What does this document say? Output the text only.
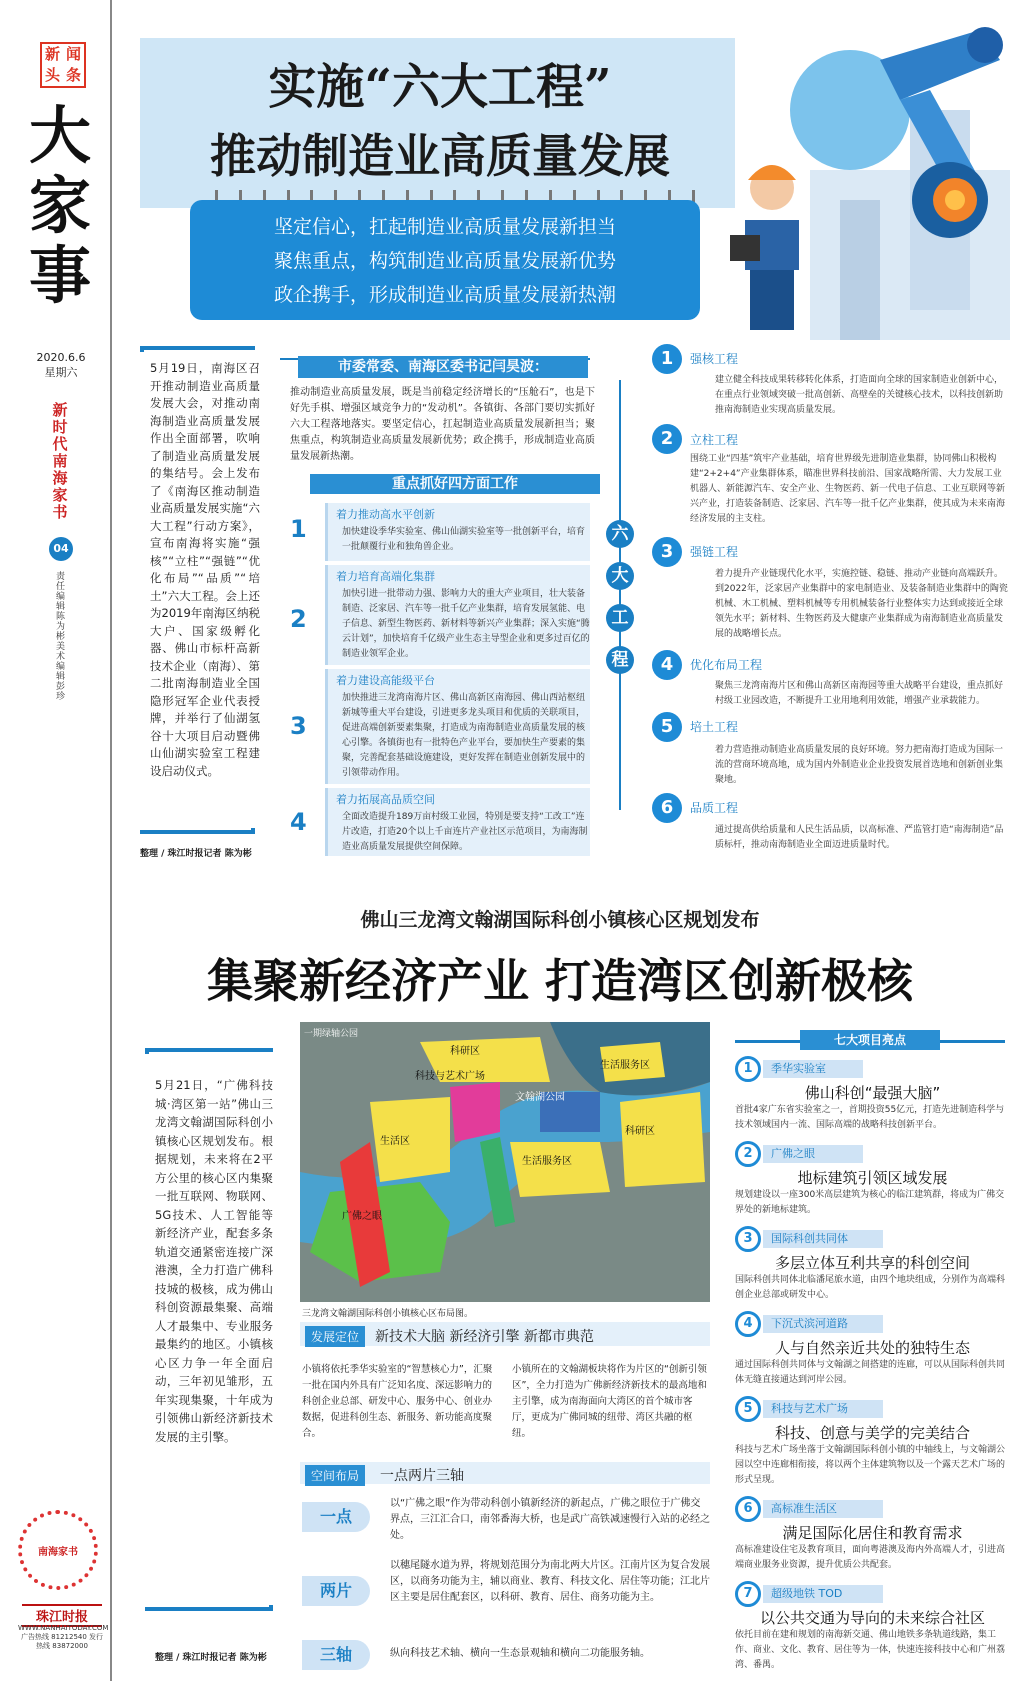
新 闻
头 条
大
家
事
2020.6.6
星期六
新时代南海家书
04
责任编辑 陈为彬 美术编辑 彭珍
南海家书
珠江时报
WWW.NANHAITODAY.COM
广告热线 81212540 发行热线 83872000
实施“六大工程”
推动制造业高质量发展
坚定信心，扛起制造业高质量发展新担当
聚焦重点，构筑制造业高质量发展新优势
政企携手，形成制造业高质量发展新热潮
5月19日，南海区召开推动制造业高质量发展大会，对推动南海制造业高质量发展作出全面部署，吹响了制造业高质量发展的集结号。会上发布了《南海区推动制造业高质量发展实施“六大工程”行动方案》，宣布南海将实施“强核”“立柱”“强链”“优化布局”“品质”“培土”六大工程。会上还为2019年南海区纳税大户、国家级孵化器、佛山市标杆高新技术企业（南海）、第二批南海制造业全国隐形冠军企业代表授牌，并举行了仙湖氢谷十大项目启动暨佛山仙湖实验室工程建设启动仪式。
整理 / 珠江时报记者 陈为彬
市委常委、南海区委书记闫昊波：
推动制造业高质量发展，既是当前稳定经济增长的“压舱石”，也是下好先手棋、增强区域竞争力的“发动机”。各镇街、各部门要切实抓好六大工程落地落实。要坚定信心，扛起制造业高质量发展新担当；聚焦重点，构筑制造业高质量发展新优势；政企携手，形成制造业高质量发展新热潮。
重点抓好四方面工作
1
着力推动高水平创新
加快建设季华实验室、佛山仙湖实验室等一批创新平台，培育一批颠覆行业和独角兽企业。
2
着力培育高端化集群
加快引进一批带动力强、影响力大的重大产业项目，壮大装备制造、泛家居、汽车等一批千亿产业集群，培育发展氢能、电子信息、新型生物医药、新材料等新兴产业集群；深入实施“腾云计划”，加快培育千亿级产业生态主导型企业和更多过百亿的制造业领军企业。
3
着力建设高能级平台
加快推进三龙湾南海片区、佛山高新区南海园、佛山西站枢纽新城等重大平台建设，引进更多龙头项目和优质的关联项目，促进高端创新要素集聚，打造成为南海制造业高质量发展的核心引擎。各镇街也有一批特色产业平台，要加快生产要素的集聚，完善配套基础设施建设，更好发挥在制造业创新发展中的引领带动作用。
4
着力拓展高品质空间
全面改造提升189万亩村级工业园，特别是要支持“工改工”连片改造，打造20个以上千亩连片产业社区示范项目，为南海制造业高质量发展提供空间保障。
六
大
工
程
1	强核工程
建立健全科技成果转移转化体系，打造面向全球的国家制造业创新中心，在重点行业领域突破一批高创新、高壁垒的关键核心技术，以科技创新助推南海制造业实现高质量发展。
2	立柱工程
围绕工业“四基”筑牢产业基础，培育世界级先进制造业集群，协同佛山积极构建“2+2+4”产业集群体系，瞄准世界科技前沿、国家战略所需、大力发展工业机器人、新能源汽车、安全产业、生物医药、新一代电子信息、工业互联网等新兴产业，打造装备制造、泛家居、汽车等一批千亿产业集群，使其成为未来南海经济发展的主支柱。
3	强链工程
着力提升产业链现代化水平，实施控链、稳链、推动产业链向高端跃升。到2022年，泛家居产业集群中的家电制造业、及装备制造业集群中的陶瓷机械、木工机械、塑料机械等专用机械装备行业整体实力达到或接近全球领先水平；新材料、生物医药及大健康产业集群成为南海制造业高质量发展的战略增长点。
4	优化布局工程
聚焦三龙湾南海片区和佛山高新区南海园等重大战略平台建设，重点抓好村级工业园改造，不断提升工业用地利用效能，增强产业承载能力。
5	培土工程
着力营造推动制造业高质量发展的良好环境。努力把南海打造成为国际一流的营商环境高地，成为国内外制造业企业投资发展首选地和创新创业集聚地。
6	品质工程
通过提高供给质量和人民生活品质，以高标准、严监管打造“南海制造”品质标杆，推动南海制造业全面迈进质量时代。
佛山三龙湾文翰湖国际科创小镇核心区规划发布
集聚新经济产业 打造湾区创新极核
5月21日，“广佛科技城·湾区第一站”佛山三龙湾文翰湖国际科创小镇核心区规划发布。根据规划，未来将在2平方公里的核心区内集聚一批互联网、物联网、5G技术、人工智能等新经济产业，配套多条轨道交通紧密连接广深港澳，全力打造广佛科技城的极核，成为佛山科创资源最集聚、高端人才最集中、专业服务最集约的地区。小镇核心区力争一年全面启动，三年初见雏形，五年实现集聚，十年成为引领佛山新经济新技术发展的主引擎。
整理 / 珠江时报记者 陈为彬
科研区
科技与艺术广场
生活服务区
文翰湖公园
生活区
科研区
生活服务区
广佛之眼
一期绿轴公园
三龙湾文翰湖国际科创小镇核心区布局图。
发展定位	新技术大脑 新经济引擎 新都市典范
小镇将依托季华实验室的“智慧核心力”，汇聚一批在国内外具有广泛知名度、深远影响力的科创企业总部、研发中心、服务中心、创业办数据，促进科创生态、新服务、新功能高度聚合。
小镇所在的文翰湖板块将作为片区的“创新引领区”，全力打造为广佛新经济新技术的最高地和主引擎，成为南海面向大湾区的首个城市客厅，更成为广佛同城的纽带、湾区共融的枢纽。
空间布局	一点两片三轴
一点
以“广佛之眼”作为带动科创小镇新经济的新起点，广佛之眼位于广佛交界点，三江汇合口，南邻番海大桥，也是武广高铁减速慢行入站的必经之处。
两片
以穗尾隧水道为界，将规划范围分为南北两大片区。江南片区为复合发展区，以商务功能为主，辅以商业、教育、科技文化、居住等功能；江北片区主要是居住配套区，以科研、教育、居住、商务功能为主。
三轴	纵向科技艺术轴、横向一生态景观轴和横向二功能服务轴。
七大项目亮点
1	季华实验室
佛山科创“最强大脑”
首批4家广东省实验室之一，首期投资55亿元，打造先进制造科学与技术领域国内一流、国际高端的战略科技创新平台。
2	广佛之眼
地标建筑引领区域发展
规划建设以一座300米高层建筑为核心的临江建筑群，将成为广佛交界处的新地标建筑。
3	国际科创共同体
多层立体互利共享的科创空间
国际科创共同体北临潘尾旅水道，由四个地块组成，分别作为高端科创企业总部或研发中心。
4	下沉式滨河道路
人与自然亲近共处的独特生态
通过国际科创共同体与文翰湖之间搭建的连廊，可以从国际科创共同体无缝直接通达到河岸公园。
5	科技与艺术广场
科技、创意与美学的完美结合
科技与艺术广场坐落于文翰湖国际科创小镇的中轴线上，与文翰湖公园以空中连廊相衔接，将以两个主体建筑物以及一个露天艺术广场的形式呈现。
6	高标准生活区
满足国际化居住和教育需求
高标准建设住宅及教育项目，面向粤港澳及海内外高端人才，引进高端商业服务业资源，提升优质公共配套。
7	超级地铁 TOD
以公共交通为导向的未来综合社区
依托目前在建和规划的南海新交通、佛山地铁多条轨道线路，集工作、商业、文化、教育、居住等为一体，快速连接科技中心和广州荔湾、番禺。
